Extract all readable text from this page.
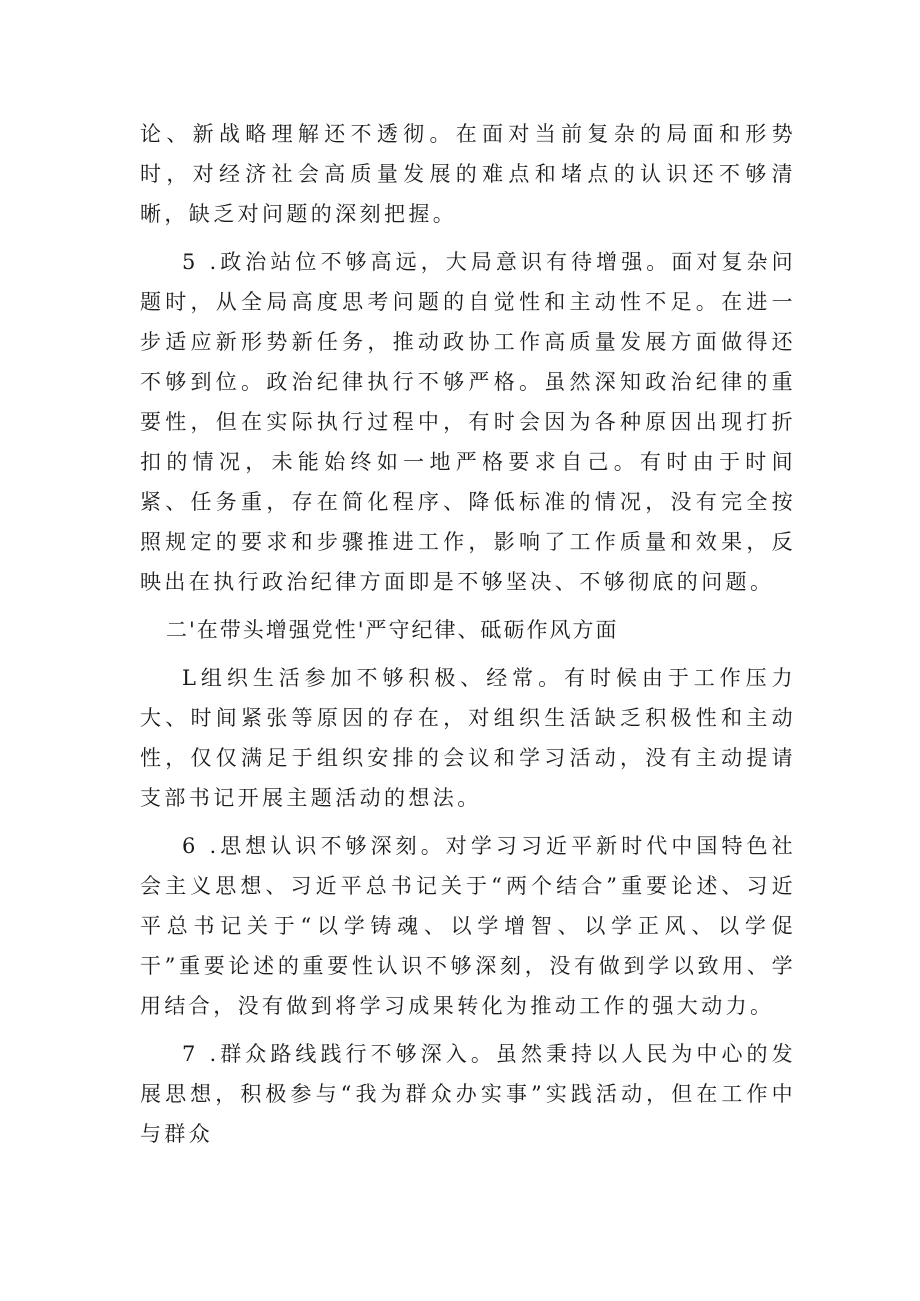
论、新战略理解还不透彻。在面对当前复杂的局面和形势时，对经济社会高质量发展的难点和堵点的认识还不够清晰，缺乏对问题的深刻把握。

5 .政治站位不够高远，大局意识有待增强。面对复杂问题时，从全局高度思考问题的自觉性和主动性不足。在进一步适应新形势新任务，推动政协工作高质量发展方面做得还不够到位。政治纪律执行不够严格。虽然深知政治纪律的重要性，但在实际执行过程中，有时会因为各种原因出现打折扣的情况，未能始终如一地严格要求自己。有时由于时间紧、任务重，存在简化程序、降低标准的情况，没有完全按照规定的要求和步骤推进工作，影响了工作质量和效果，反映出在执行政治纪律方面即是不够坚决、不够彻底的问题。

二'在带头增强党性'严守纪律、砥砺作风方面

L组织生活参加不够积极、经常。有时候由于工作压力大、时间紧张等原因的存在，对组织生活缺乏积极性和主动性，仅仅满足于组织安排的会议和学习活动，没有主动提请支部书记开展主题活动的想法。

6 .思想认识不够深刻。对学习习近平新时代中国特色社会主义思想、习近平总书记关于“两个结合”重要论述、习近平总书记关于“以学铸魂、以学增智、以学正风、以学促干”重要论述的重要性认识不够深刻，没有做到学以致用、学用结合，没有做到将学习成果转化为推动工作的强大动力。

7 .群众路线践行不够深入。虽然秉持以人民为中心的发展思想，积极参与“我为群众办实事”实践活动，但在工作中与群众
